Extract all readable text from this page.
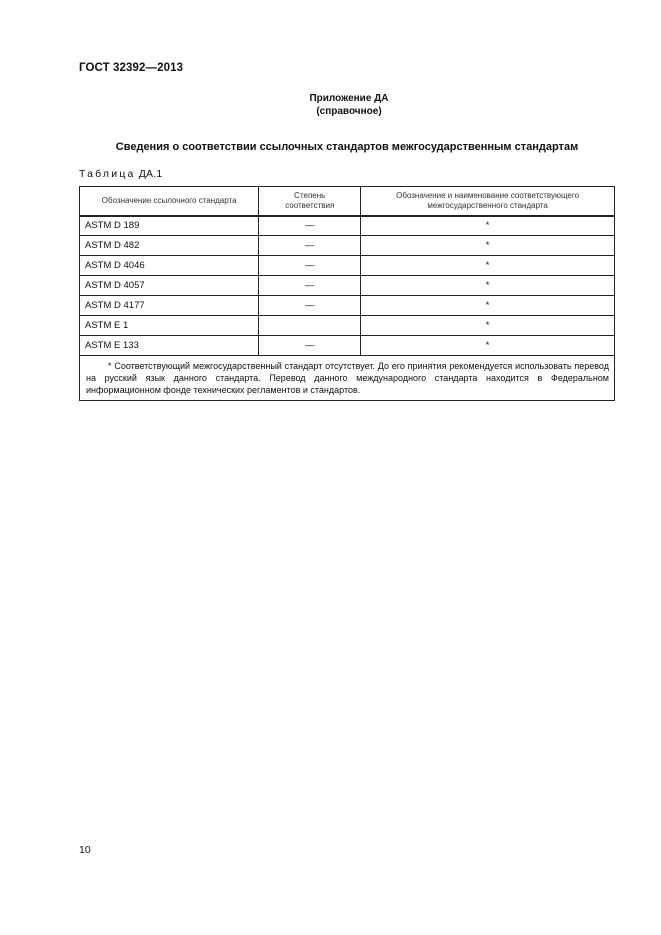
ГОСТ 32392—2013
Приложение ДА
(справочное)
Сведения о соответствии ссылочных стандартов межгосударственным стандартам
Таблица ДА.1
Обозначение ссылочного стандарта	Степень соответствия	Обозначение и наименование соответствующего межгосударственного стандарта
ASTM D 189	—	*
ASTM D 482	—	*
ASTM D 4046	—	*
ASTM D 4057	—	*
ASTM D 4177	—	*
ASTM E 1		*
ASTM E 133	—	*

* Соответствующий межгосударственный стандарт отсутствует. До его принятия рекомендуется использовать перевод на русский язык данного стандарта. Перевод данного международного стандарта находится в Федеральном информационном фонде технических регламентов и стандартов.		
10
